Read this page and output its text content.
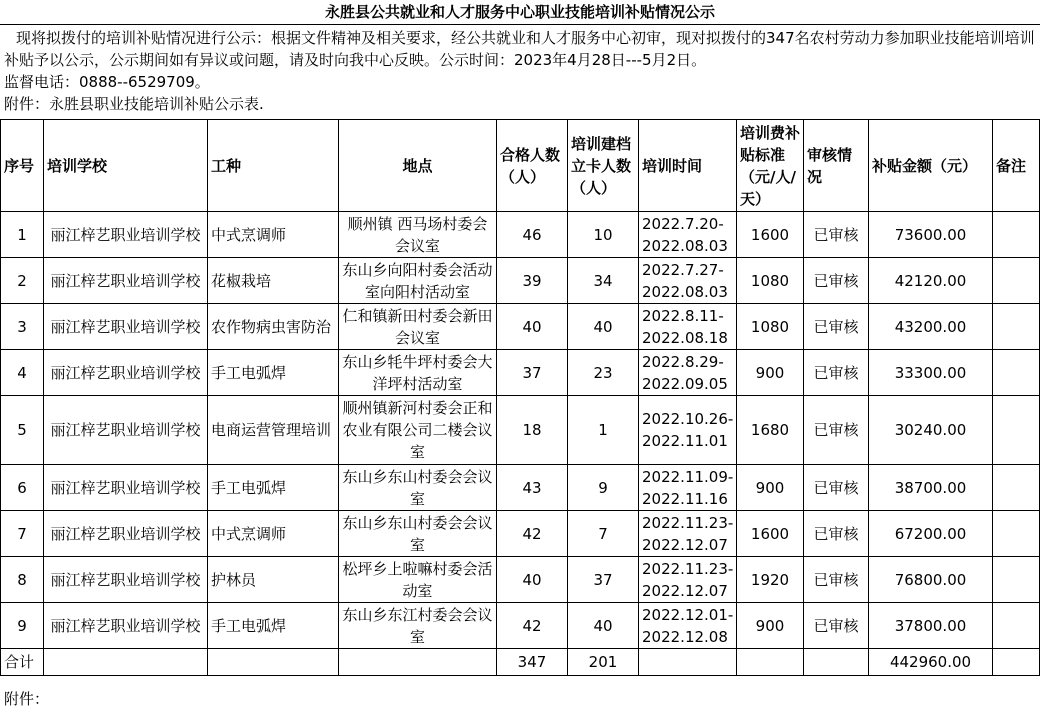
永胜县公共就业和人才服务中心职业技能培训补贴情况公示
现将拟拨付的培训补贴情况进行公示：根据文件精神及相关要求，经公共就业和人才服务中心初审，现对拟拨付的347名农村劳动力参加职业技能培训培训补贴予以公示，公示期间如有异议或问题，请及时向我中心反映。公示时间：2023年4月28日---5月2日。
监督电话：0888--6529709。
附件：永胜县职业技能培训补贴公示表.
序号	培训学校	工种	地点	合格人数（人）	培训建档立卡人数（人）	培训时间	培训费补贴标准（元/人/天）	审核情况	补贴金额（元）	备注
1	丽江梓艺职业培训学校	中式烹调师	顺州镇 西马场村委会会议室	46	10	2022.7.20-2022.08.03	1600	已审核	73600.00	
2	丽江梓艺职业培训学校	花椒栽培	东山乡向阳村委会活动室向阳村活动室	39	34	2022.7.27-2022.08.03	1080	已审核	42120.00	
3	丽江梓艺职业培训学校	农作物病虫害防治	仁和镇新田村委会新田会议室	40	40	2022.8.11-2022.08.18	1080	已审核	43200.00	
4	丽江梓艺职业培训学校	手工电弧焊	东山乡牦牛坪村委会大洋坪村活动室	37	23	2022.8.29-2022.09.05	900	已审核	33300.00	
5	丽江梓艺职业培训学校	电商运营管理培训	顺州镇新河村委会正和农业有限公司二楼会议室	18	1	2022.10.26-2022.11.01	1680	已审核	30240.00	
6	丽江梓艺职业培训学校	手工电弧焊	东山乡东山村委会会议室	43	9	2022.11.09-2022.11.16	900	已审核	38700.00	
7	丽江梓艺职业培训学校	中式烹调师	东山乡东山村委会会议室	42	7	2022.11.23-2022.12.07	1600	已审核	67200.00	
8	丽江梓艺职业培训学校	护林员	松坪乡上啦嘛村委会活动室	40	37	2022.11.23-2022.12.07	1920	已审核	76800.00	
9	丽江梓艺职业培训学校	手工电弧焊	东山乡东江村委会会议室	42	40	2022.12.01-2022.12.08	900	已审核	37800.00	
合计				347	201				442960.00	
附件：
